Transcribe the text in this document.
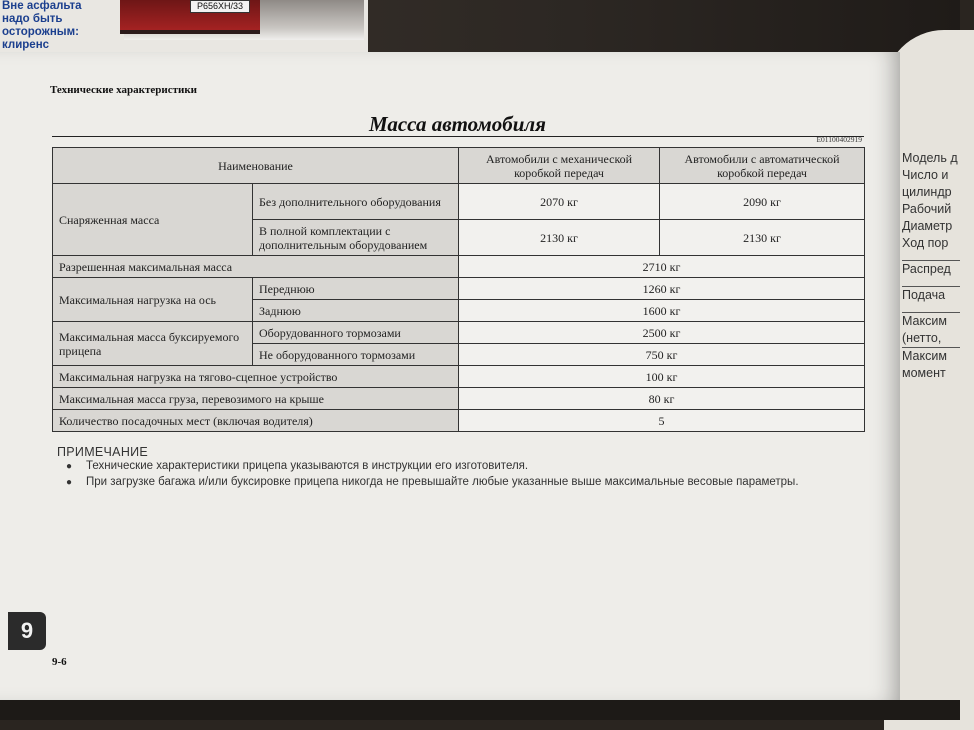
Вне асфальта
надо быть
осторожным:
клиренс
Р656ХН/33
Модель д
Число и
цилиндр
Рабочий
Диаметр
Ход пор
Распред
Подача
Максим
(нетто,
Максим
момент
Технические характеристики
Масса автомобиля
E01100402919
Наименование		Автомобили с механической коробкой передач	Автомобили с автоматической коробкой передач
Снаряженная масса	Без дополнительного оборудования	2070 кг	2090 кг
	В полной комплектации с дополнительным оборудованием	2130 кг	2130 кг
Разрешенная максимальная масса		2710 кг	
Максимальная нагрузка на ось	Переднюю	1260 кг	
	Заднюю	1600 кг	
Максимальная масса буксируемого прицепа	Оборудованного тормозами	2500 кг	
	Не оборудованного тормозами	750 кг	
Максимальная нагрузка на тягово-сцепное устройство		100 кг	
Максимальная масса груза, перевозимого на крыше		80 кг	
Количество посадочных мест (включая водителя)		5	
ПРИМЕЧАНИЕ
● Технические характеристики прицепа указываются в инструкции его изготовителя.
● При загрузке багажа и/или буксировке прицепа никогда не превышайте любые указанные выше максимальные весовые параметры.
9
9-6
